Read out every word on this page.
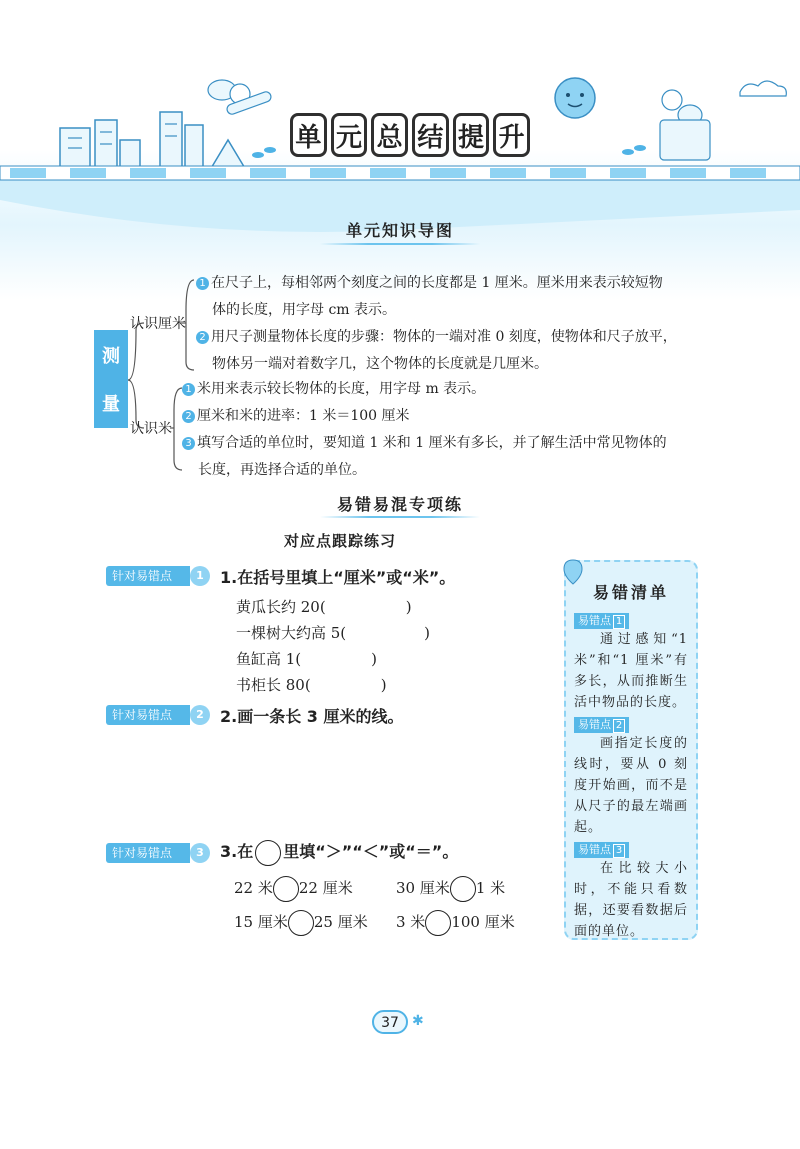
单 元 总 结 提 升
单元知识导图
测
量
认识厘米
认识米
1 在尺子上，每相邻两个刻度之间的长度都是 1 厘米。厘米用来表示较短物
体的长度，用字母 cm 表示。
2 用尺子测量物体长度的步骤：物体的一端对准 0 刻度，使物体和尺子放平，
物体另一端对着数字几，这个物体的长度就是几厘米。
1 米用来表示较长物体的长度，用字母 m 表示。
2 厘米和米的进率：1 米＝100 厘米
3 填写合适的单位时，要知道 1 米和 1 厘米有多长，并了解生活中常见物体的
长度，再选择合适的单位。
易错易混专项练
对应点跟踪练习
针对易错点	1	1.在括号里填上“厘米”或“米”。
黄瓜长约 20(	)
一棵树大约高 5(	)
鱼缸高 1(	)
书柜长 80(	)
针对易错点	2	2.画一条长 3 厘米的线。
针对易错点	3	3.在 里填“＞”“＜”或“＝”。
22 米 22 厘米	30 厘米 1 米
15 厘米 25 厘米 3 米 100 厘米
易错清单
易错点 1
通过感知“1米”和“1 厘米”有多长，从而推断生活中物品的长度。
易错点 2
画指定长度的线时，要从 0 刻度开始画，而不是从尺子的最左端画起。
易错点 3
在比较大小时，不能只看数据，还要看数据后面的单位。
37 ✱
